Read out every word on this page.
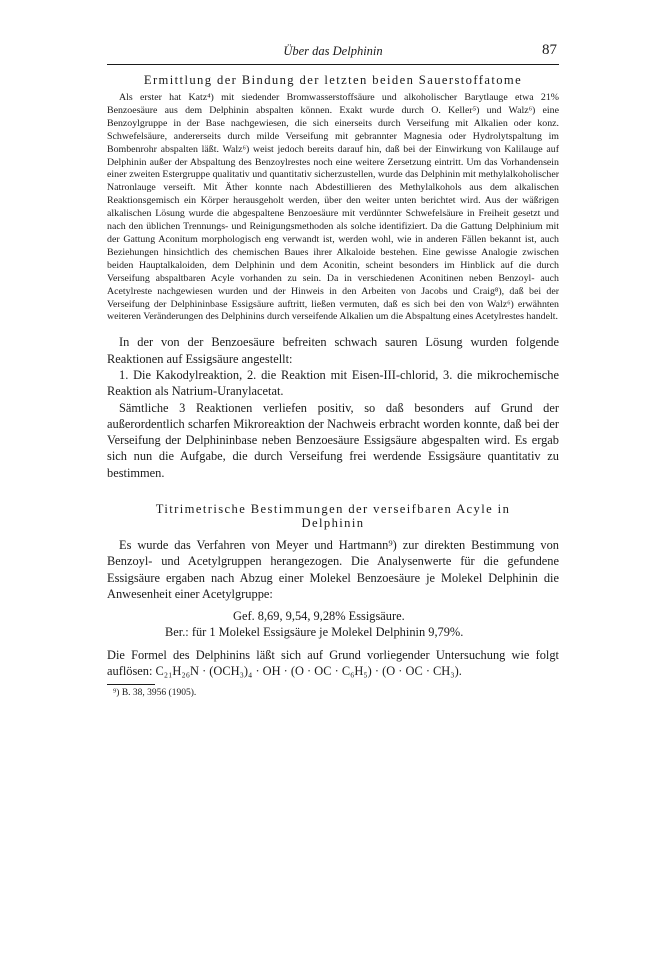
Über das Delphinin	87
Ermittlung der Bindung der letzten beiden Sauerstoffatome

Als erster hat Katz⁴) mit siedender Bromwasserstoffsäure und alkoholischer Barytlauge etwa 21% Benzoesäure aus dem Delphinin abspalten können. Exakt wurde durch O. Keller⁵) und Walz⁶) eine Benzoylgruppe in der Base nachgewiesen, die sich einerseits durch Verseifung mit Alkalien oder konz. Schwefelsäure, andererseits durch milde Verseifung mit gebrannter Magnesia oder Hydrolytspaltung im Bombenrohr abspalten läßt. Walz⁶) weist jedoch bereits darauf hin, daß bei der Einwirkung von Kalilauge auf Delphinin außer der Abspaltung des Benzoylrestes noch eine weitere Zersetzung eintritt. Um das Vorhandensein einer zweiten Estergruppe qualitativ und quantitativ sicherzustellen, wurde das Delphinin mit methylalkoholischer Natronlauge verseift. Mit Äther konnte nach Abdestillieren des Methylalkohols aus dem alkalischen Reaktionsgemisch ein Körper herausgeholt werden, über den weiter unten berichtet wird. Aus der wäßrigen alkalischen Lösung wurde die abgespaltene Benzoesäure mit verdünnter Schwefelsäure in Freiheit gesetzt und nach den üblichen Trennungs- und Reinigungsmethoden als solche identifiziert. Da die Gattung Delphinium mit der Gattung Aconitum morphologisch eng verwandt ist, werden wohl, wie in anderen Fällen bekannt ist, auch Beziehungen hinsichtlich des chemischen Baues ihrer Alkaloide bestehen. Eine gewisse Analogie zwischen beiden Hauptalkaloiden, dem Delphinin und dem Aconitin, scheint besonders im Hinblick auf die durch Verseifung abspaltbaren Acyle vorhanden zu sein. Da in verschiedenen Aconitinen neben Benzoyl- auch Acetylreste nachgewiesen wurden und der Hinweis in den Arbeiten von Jacobs und Craig⁸), daß bei der Verseifung der Delphininbase Essigsäure auftritt, ließen vermuten, daß es sich bei den von Walz⁶) erwähnten weiteren Veränderungen des Delphinins durch verseifende Alkalien um die Abspaltung eines Acetylrestes handelt.

In der von der Benzoesäure befreiten schwach sauren Lösung wurden folgende Reaktionen auf Essigsäure angestellt:

1. Die Kakodylreaktion, 2. die Reaktion mit Eisen-III-chlorid, 3. die mikrochemische Reaktion als Natrium-Uranylacetat.

Sämtliche 3 Reaktionen verliefen positiv, so daß besonders auf Grund der außerordentlich scharfen Mikroreaktion der Nachweis erbracht worden konnte, daß bei der Verseifung der Delphininbase neben Benzoesäure Essigsäure abgespalten wird. Es ergab sich nun die Aufgabe, die durch Verseifung frei werdende Essigsäure quantitativ zu bestimmen.

Titrimetrische Bestimmungen der verseifbaren Acyle in
Delphinin

Es wurde das Verfahren von Meyer und Hartmann⁹) zur direkten Bestimmung von Benzoyl- und Acetylgruppen herangezogen. Die Analysenwerte für die gefundene Essigsäure ergaben nach Abzug einer Molekel Benzoesäure je Molekel Delphinin die Anwesenheit einer Acetylgruppe:

Gef. 8,69, 9,54, 9,28% Essigsäure.
Ber.: für 1 Molekel Essigsäure je Molekel Delphinin 9,79%.

Die Formel des Delphinins läßt sich auf Grund vorliegender Untersuchung wie folgt auflösen: C₂₁H₂₆N · (OCH₃)₄ · OH · (O · OC · C₆H₅) · (O · OC · CH₃).

⁹) B. 38, 3956 (1905).
